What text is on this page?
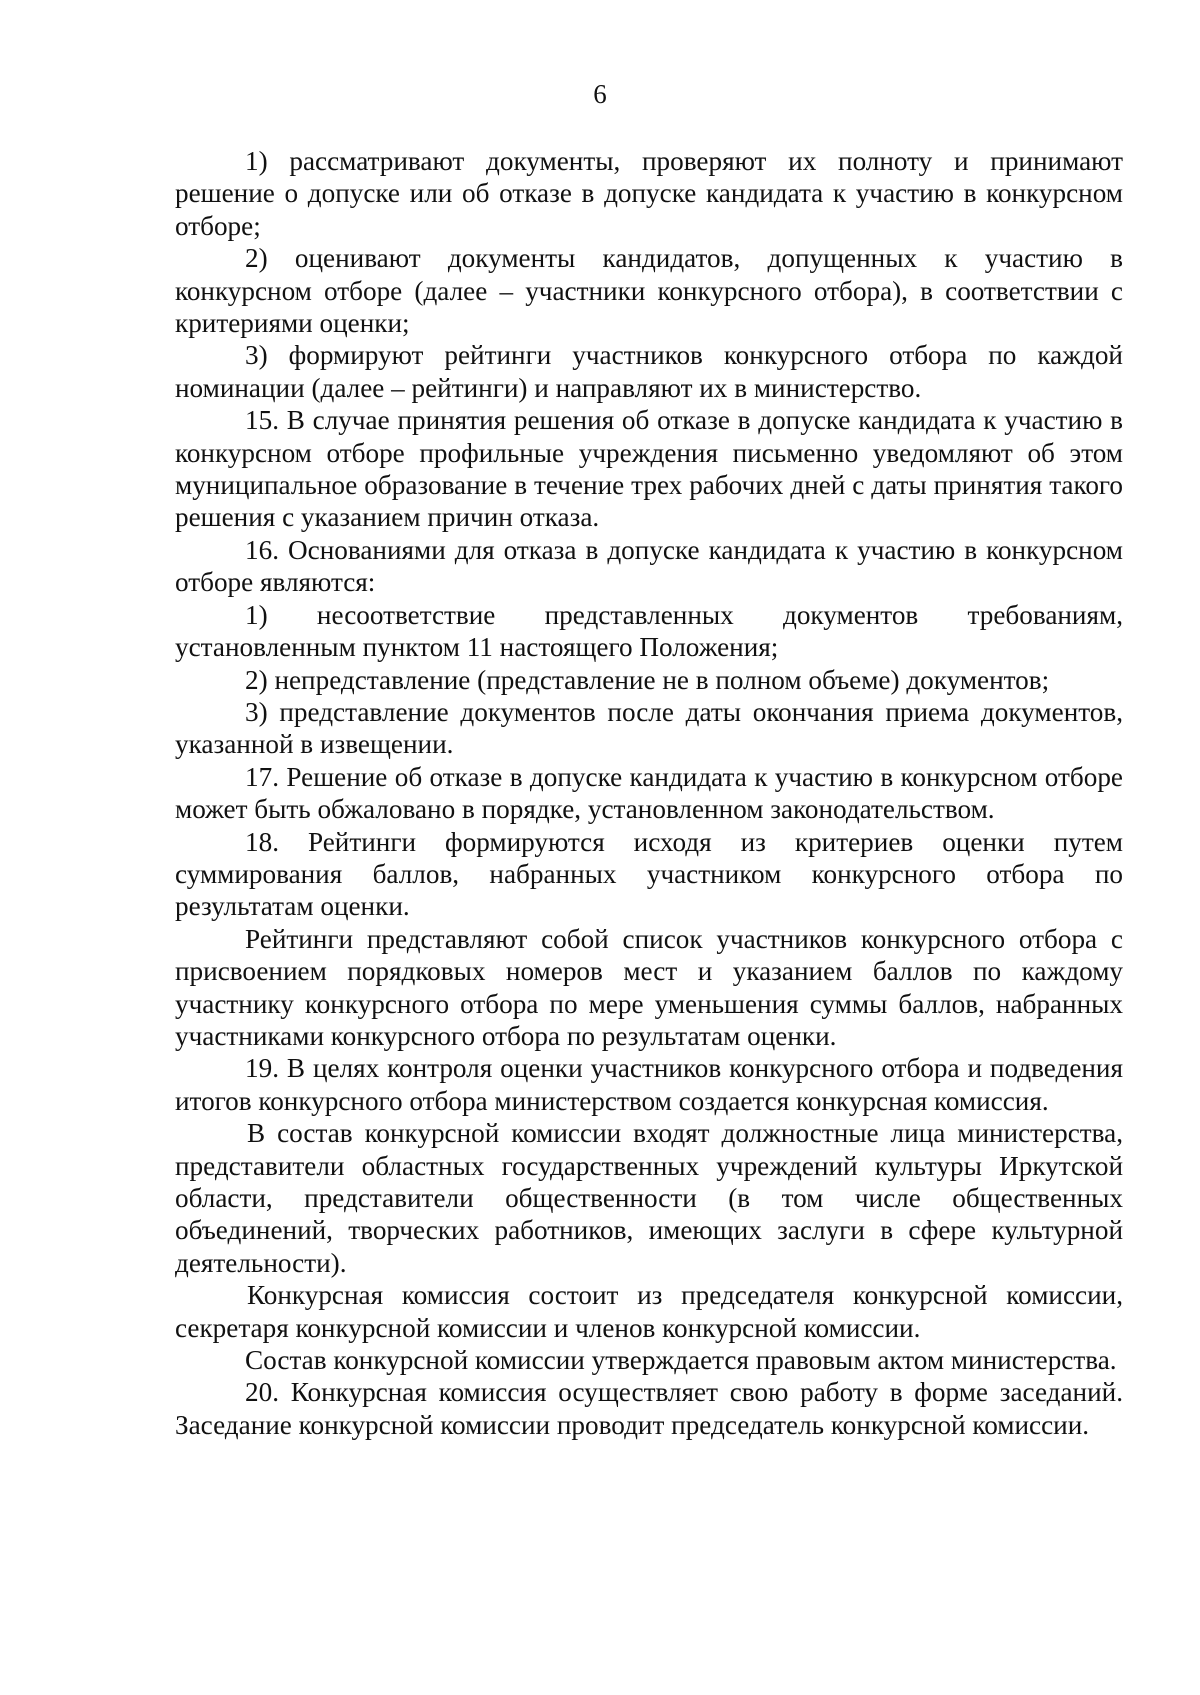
6

1) рассматривают документы, проверяют их полноту и принимают решение о допуске или об отказе в допуске кандидата к участию в конкурсном отборе;

2) оценивают документы кандидатов, допущенных к участию в конкурсном отборе (далее – участники конкурсного отбора), в соответствии с критериями оценки;

3) формируют рейтинги участников конкурсного отбора по каждой номинации (далее – рейтинги) и направляют их в министерство.

15. В случае принятия решения об отказе в допуске кандидата к участию в конкурсном отборе профильные учреждения письменно уведомляют об этом муниципальное образование в течение трех рабочих дней с даты принятия такого решения с указанием причин отказа.

16. Основаниями для отказа в допуске кандидата к участию в конкурсном отборе являются:

1) несоответствие представленных документов требованиям, установленным пунктом 11 настоящего Положения;

2) непредставление (представление не в полном объеме) документов;

3) представление документов после даты окончания приема документов, указанной в извещении.

17. Решение об отказе в допуске кандидата к участию в конкурсном отборе может быть обжаловано в порядке, установленном законодательством.

18. Рейтинги формируются исходя из критериев оценки путем суммирования баллов, набранных участником конкурсного отбора по результатам оценки.

Рейтинги представляют собой список участников конкурсного отбора с присвоением порядковых номеров мест и указанием баллов по каждому участнику конкурсного отбора по мере уменьшения суммы баллов, набранных участниками конкурсного отбора по результатам оценки.

19. В целях контроля оценки участников конкурсного отбора и подведения итогов конкурсного отбора министерством создается конкурсная комиссия.

В состав конкурсной комиссии входят должностные лица министерства, представители областных государственных учреждений культуры Иркутской области, представители общественности (в том числе общественных объединений, творческих работников, имеющих заслуги в сфере культурной деятельности).

Конкурсная комиссия состоит из председателя конкурсной комиссии, секретаря конкурсной комиссии и членов конкурсной комиссии.

Состав конкурсной комиссии утверждается правовым актом министерства.

20. Конкурсная комиссия осуществляет свою работу в форме заседаний. Заседание конкурсной комиссии проводит председатель конкурсной комиссии.
